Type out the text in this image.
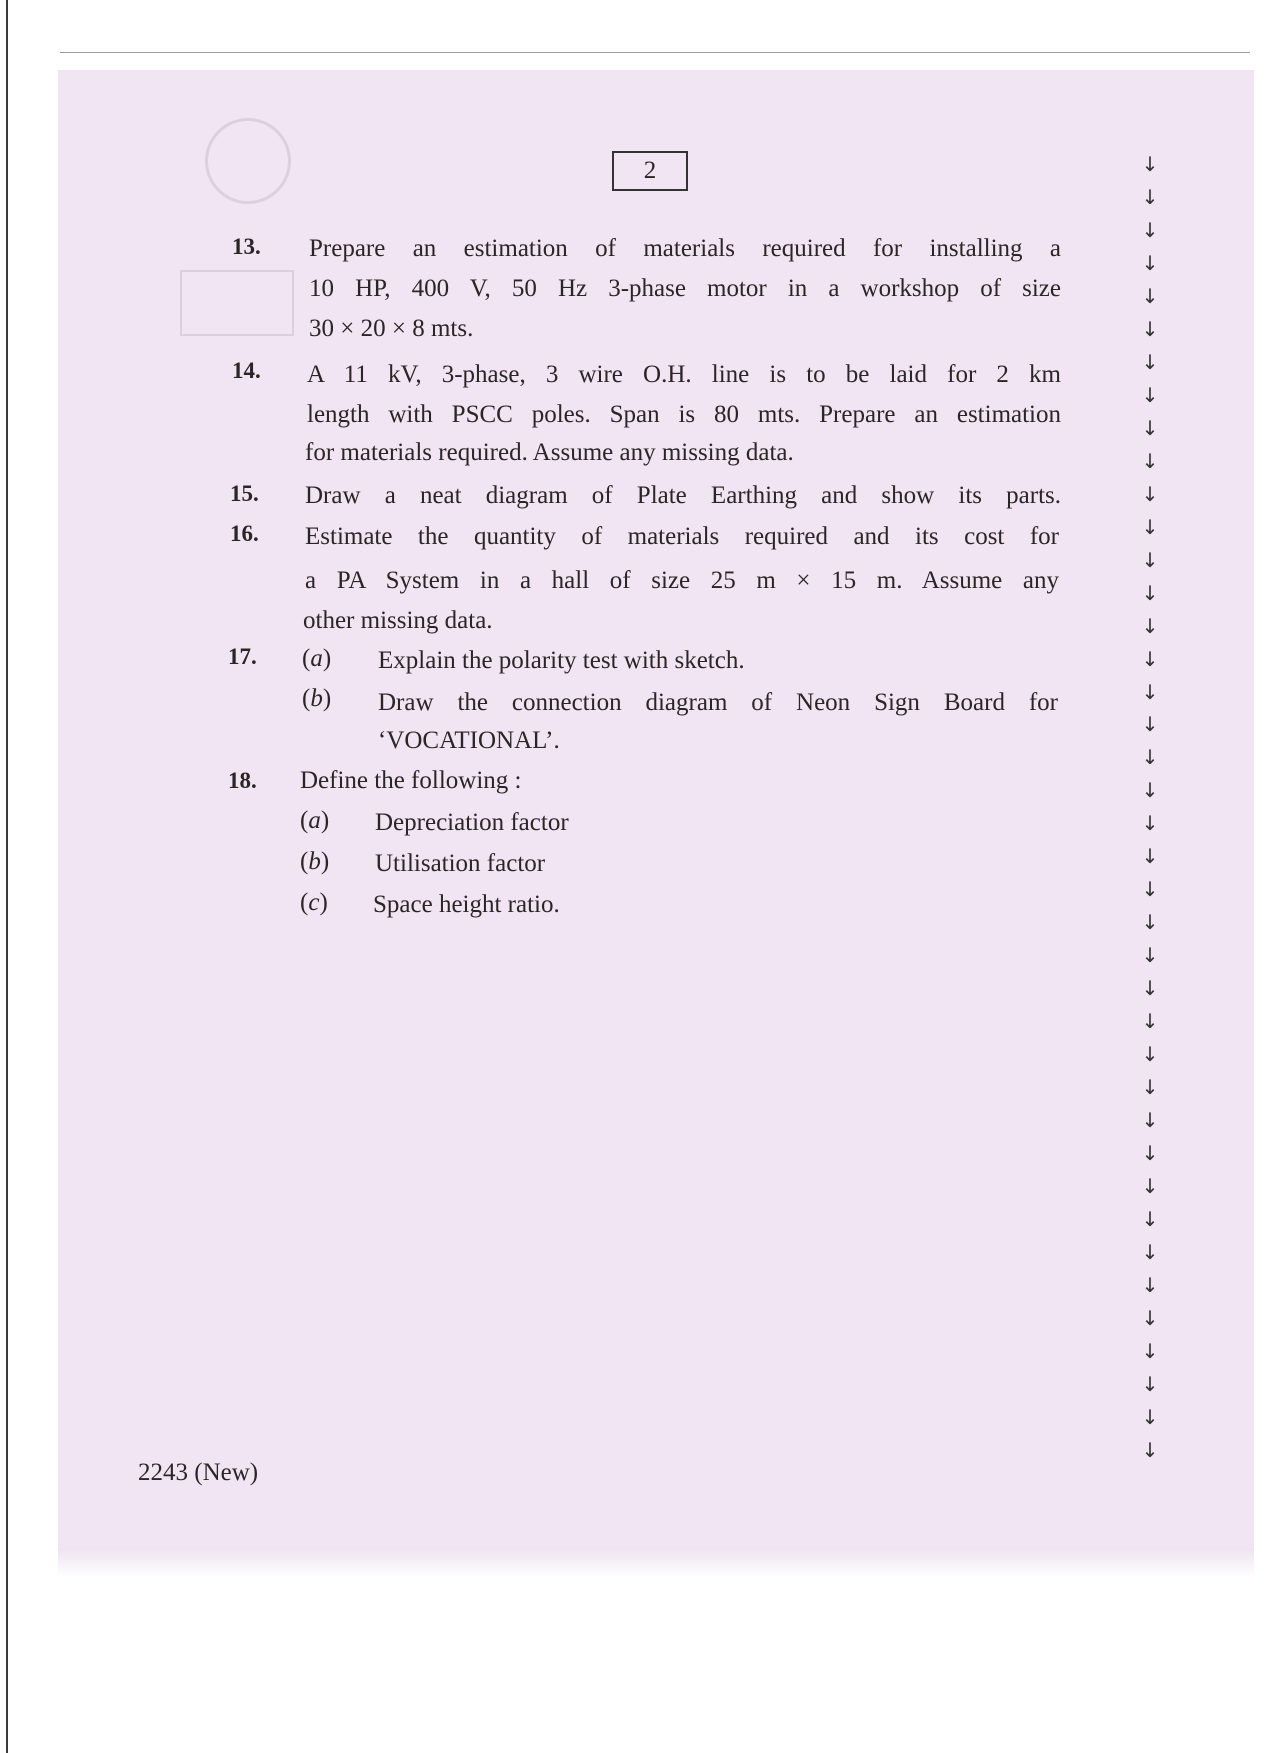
2
13. Prepare an estimation of materials required for installing a
10 HP, 400 V, 50 Hz 3-phase motor in a workshop of size
30 × 20 × 8 mts.
14. A 11 kV, 3-phase, 3 wire O.H. line is to be laid for 2 km
length with PSCC poles. Span is 80 mts. Prepare an estimation
for materials required. Assume any missing data.
15. Draw a neat diagram of Plate Earthing and show its parts.
16. Estimate the quantity of materials required and its cost for
a PA System in a hall of size 25 m × 15 m. Assume any
other missing data.
17. (a) Explain the polarity test with sketch.
(b) Draw the connection diagram of Neon Sign Board for
‘VOCATIONAL’.
18. Define the following :
(a) Depreciation factor
(b) Utilisation factor
(c) Space height ratio.
2243 (New)
↓
↓
↓
↓
↓
↓
↓
↓
↓
↓
↓
↓
↓
↓
↓
↓
↓
↓
↓
↓
↓
↓
↓
↓
↓
↓
↓
↓
↓
↓
↓
↓
↓
↓
↓
↓
↓
↓
↓
↓
